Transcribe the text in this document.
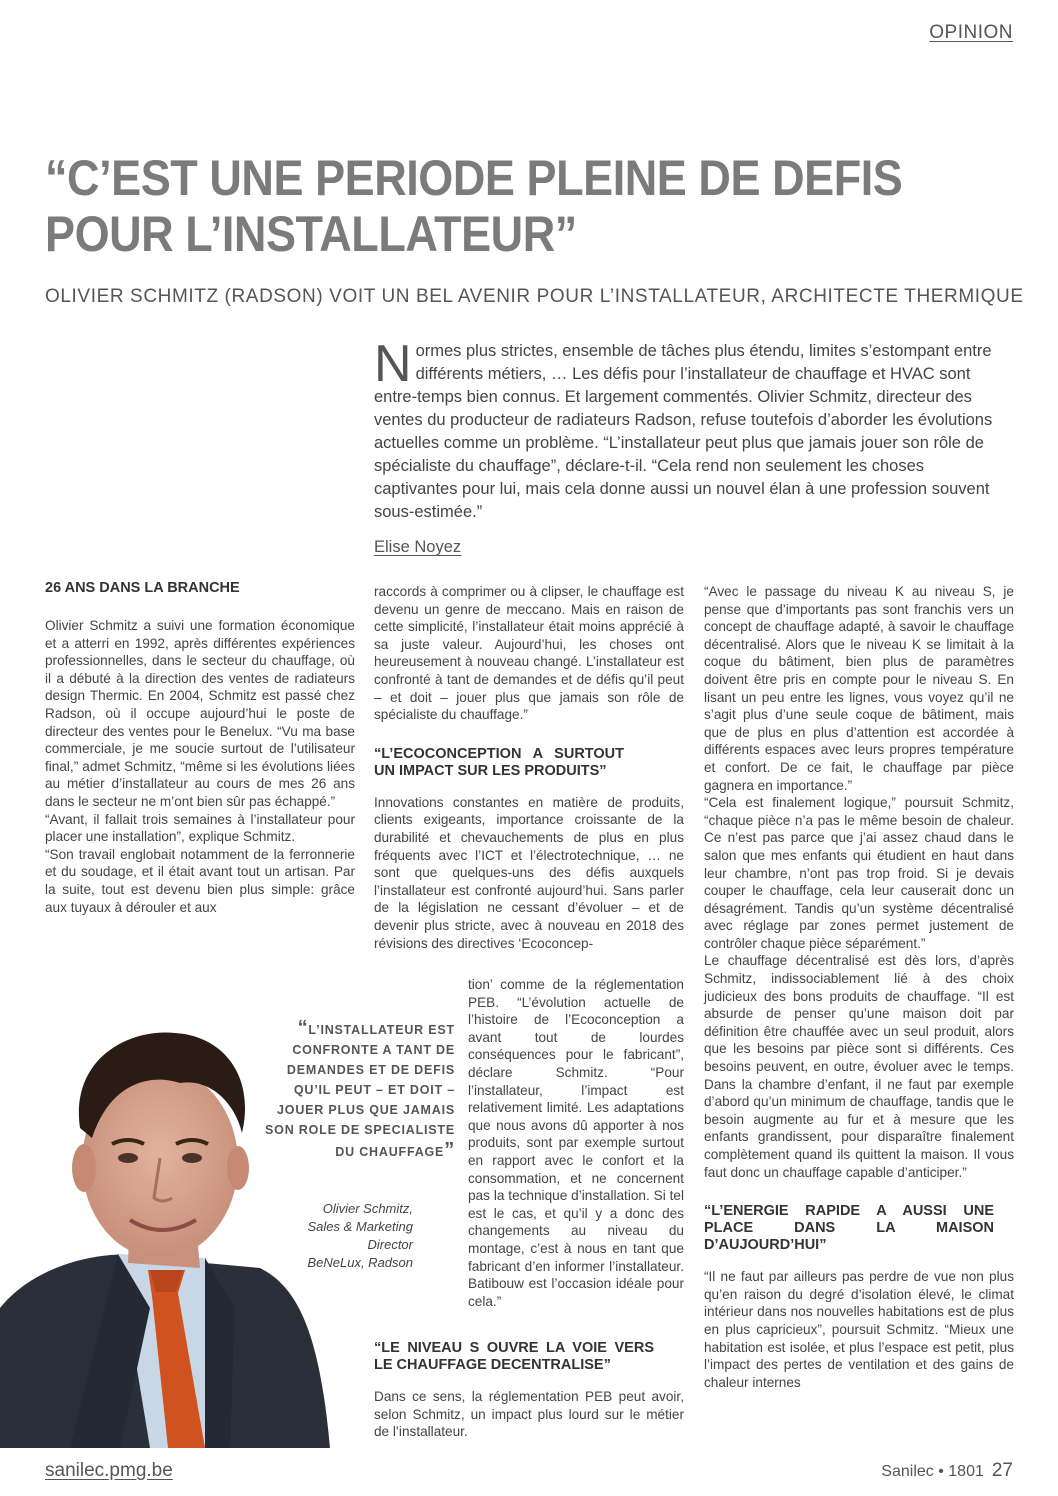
OPINION
“C’EST UNE PERIODE PLEINE DE DEFIS
POUR L’INSTALLATEUR”
OLIVIER SCHMITZ (RADSON) VOIT UN BEL AVENIR POUR L’INSTALLATEUR, ARCHITECTE THERMIQUE
Normes plus strictes, ensemble de tâches plus étendu, limites s’estompant entre différents métiers, … Les défis pour l’installateur de chauffage et HVAC sont entre-temps bien connus. Et largement commentés. Olivier Schmitz, directeur des ventes du producteur de radiateurs Radson, refuse toutefois d’aborder les évolutions actuelles comme un problème. “L’installateur peut plus que jamais jouer son rôle de spécialiste du chauffage”, déclare-t-il. “Cela rend non seulement les choses captivantes pour lui, mais cela donne aussi un nouvel élan à une profession souvent sous-estimée.”
Elise Noyez

26 ANS DANS LA BRANCHE

Olivier Schmitz a suivi une formation économique et a atterri en 1992, après différentes expériences professionnelles, dans le secteur du chauffage, où il a débuté à la direction des ventes de radiateurs design Thermic. En 2004, Schmitz est passé chez Radson, où il occupe aujourd’hui le poste de directeur des ventes pour le Benelux. “Vu ma base commerciale, je me soucie surtout de l’utilisateur final,” admet Schmitz, “même si les évolutions liées au métier d’installateur au cours de mes 26 ans dans le secteur ne m’ont bien sûr pas échappé.”

“Avant, il fallait trois semaines à l’installateur pour placer une installation”, explique Schmitz.

“Son travail englobait notamment de la ferronnerie et du soudage, et il était avant tout un artisan. Par la suite, tout est devenu bien plus simple: grâce aux tuyaux à dérouler et aux

raccords à comprimer ou à clipser, le chauffage est devenu un genre de meccano. Mais en raison de cette simplicité, l’installateur était moins apprécié à sa juste valeur. Aujourd’hui, les choses ont heureusement à nouveau changé. L’installateur est confronté à tant de demandes et de défis qu’il peut – et doit – jouer plus que jamais son rôle de spécialiste du chauffage.”

“L’ECOCONCEPTION A SURTOUT UN IMPACT SUR LES PRODUITS”

Innovations constantes en matière de produits, clients exigeants, importance croissante de la durabilité et chevauchements de plus en plus fréquents avec l’ICT et l’électrotechnique, … ne sont que quelques-uns des défis auxquels l’installateur est confronté aujourd’hui. Sans parler de la législation ne cessant d’évoluer – et de devenir plus stricte, avec à nouveau en 2018 des révisions des directives ‘Ecoconcep-

tion’ comme de la réglementation PEB. “L’évolution actuelle de l’histoire de l’Ecoconception a avant tout de lourdes conséquences pour le fabricant”, déclare Schmitz. “Pour l’installateur, l’impact est relativement limité. Les adaptations que nous avons dû apporter à nos produits, sont par exemple surtout en rapport avec le confort et la consommation, et ne concernent pas la technique d’installation. Si tel est le cas, et qu’il y a donc des changements au niveau du montage, c’est à nous en tant que fabricant d’en informer l’installateur. Batibouw est l’occasion idéale pour cela.”

“LE NIVEAU S OUVRE LA VOIE VERS LE CHAUFFAGE DECENTRALISE”

Dans ce sens, la réglementation PEB peut avoir, selon Schmitz, un impact plus lourd sur le métier de l’installateur.

“Avec le passage du niveau K au niveau S, je pense que d’importants pas sont franchis vers un concept de chauffage adapté, à savoir le chauffage décentralisé. Alors que le niveau K se limitait à la coque du bâtiment, bien plus de paramètres doivent être pris en compte pour le niveau S. En lisant un peu entre les lignes, vous voyez qu’il ne s’agit plus d’une seule coque de bâtiment, mais que de plus en plus d’attention est accordée à différents espaces avec leurs propres température et confort. De ce fait, le chauffage par pièce gagnera en importance.”

“Cela est finalement logique,” poursuit Schmitz, “chaque pièce n’a pas le même besoin de chaleur. Ce n’est pas parce que j’ai assez chaud dans le salon que mes enfants qui étudient en haut dans leur chambre, n’ont pas trop froid. Si je devais couper le chauffage, cela leur causerait donc un désagrément. Tandis qu’un système décentralisé avec réglage par zones permet justement de contrôler chaque pièce séparément.”

Le chauffage décentralisé est dès lors, d’après Schmitz, indissociablement lié à des choix judicieux des bons produits de chauffage. “Il est absurde de penser qu’une maison doit par définition être chauffée avec un seul produit, alors que les besoins par pièce sont si différents. Ces besoins peuvent, en outre, évoluer avec le temps. Dans la chambre d’enfant, il ne faut par exemple d’abord qu’un minimum de chauffage, tandis que le besoin augmente au fur et à mesure que les enfants grandissent, pour disparaître finalement complètement quand ils quittent la maison. Il vous faut donc un chauffage capable d’anticiper.”

“L’ENERGIE RAPIDE A AUSSI UNE PLACE DANS LA MAISON D’AUJOURD’HUI”

“Il ne faut par ailleurs pas perdre de vue non plus qu’en raison du degré d’isolation élevé, le climat intérieur dans nos nouvelles habitations est de plus en plus capricieux”, poursuit Schmitz. “Mieux une habitation est isolée, et plus l’espace est petit, plus l’impact des pertes de ventilation et des gains de chaleur internes

“L’INSTALLATEUR EST CONFRONTE A TANT DE DEMANDES ET DE DEFIS QU’IL PEUT – ET DOIT – JOUER PLUS QUE JAMAIS SON ROLE DE SPECIALISTE DU CHAUFFAGE”
Olivier Schmitz,
Sales & Marketing Director
BeNeLux, Radson
sanilec.pmg.be	Sanilec • 1801 27
